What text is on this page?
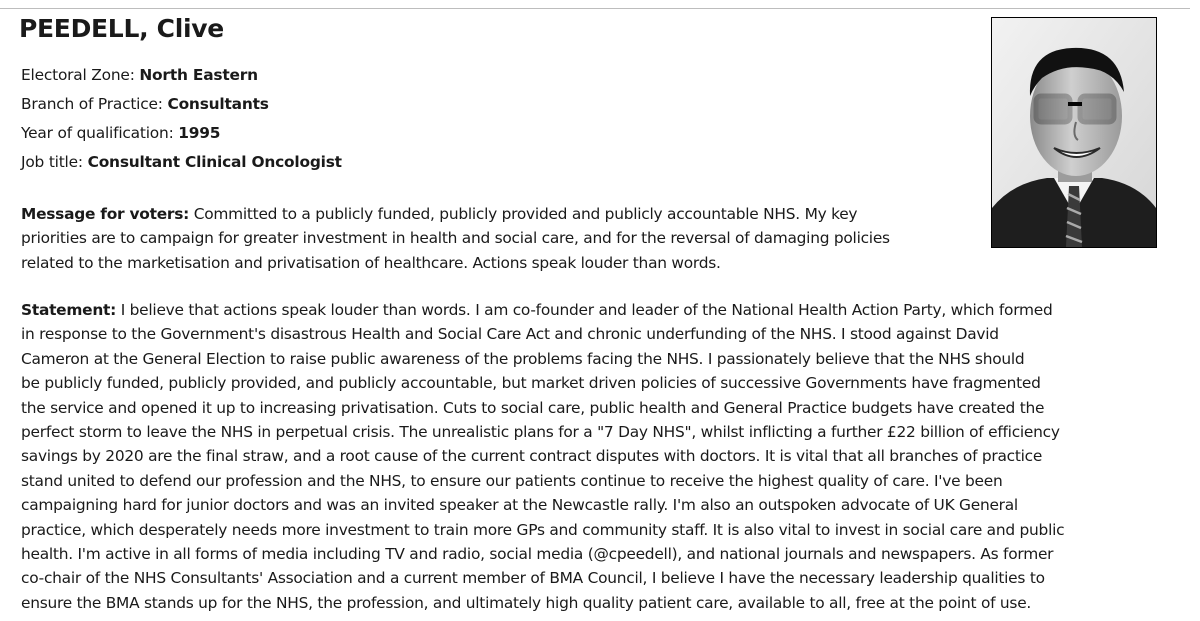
PEEDELL, Clive
Electoral Zone: North Eastern
Branch of Practice: Consultants
Year of qualification: 1995
Job title: Consultant Clinical Oncologist
Message for voters: Committed to a publicly funded, publicly provided and publicly accountable NHS. My key
priorities are to campaign for greater investment in health and social care, and for the reversal of damaging policies
related to the marketisation and privatisation of healthcare. Actions speak louder than words.
Statement: I believe that actions speak louder than words. I am co-founder and leader of the National Health Action Party, which formed
in response to the Government's disastrous Health and Social Care Act and chronic underfunding of the NHS. I stood against David
Cameron at the General Election to raise public awareness of the problems facing the NHS. I passionately believe that the NHS should
be publicly funded, publicly provided, and publicly accountable, but market driven policies of successive Governments have fragmented
the service and opened it up to increasing privatisation. Cuts to social care, public health and General Practice budgets have created the
perfect storm to leave the NHS in perpetual crisis. The unrealistic plans for a "7 Day NHS", whilst inflicting a further £22 billion of efficiency
savings by 2020 are the final straw, and a root cause of the current contract disputes with doctors. It is vital that all branches of practice
stand united to defend our profession and the NHS, to ensure our patients continue to receive the highest quality of care. I've been
campaigning hard for junior doctors and was an invited speaker at the Newcastle rally. I'm also an outspoken advocate of UK General
practice, which desperately needs more investment to train more GPs and community staff. It is also vital to invest in social care and public
health. I'm active in all forms of media including TV and radio, social media (@cpeedell), and national journals and newspapers. As former
co-chair of the NHS Consultants' Association and a current member of BMA Council, I believe I have the necessary leadership qualities to
ensure the BMA stands up for the NHS, the profession, and ultimately high quality patient care, available to all, free at the point of use.
